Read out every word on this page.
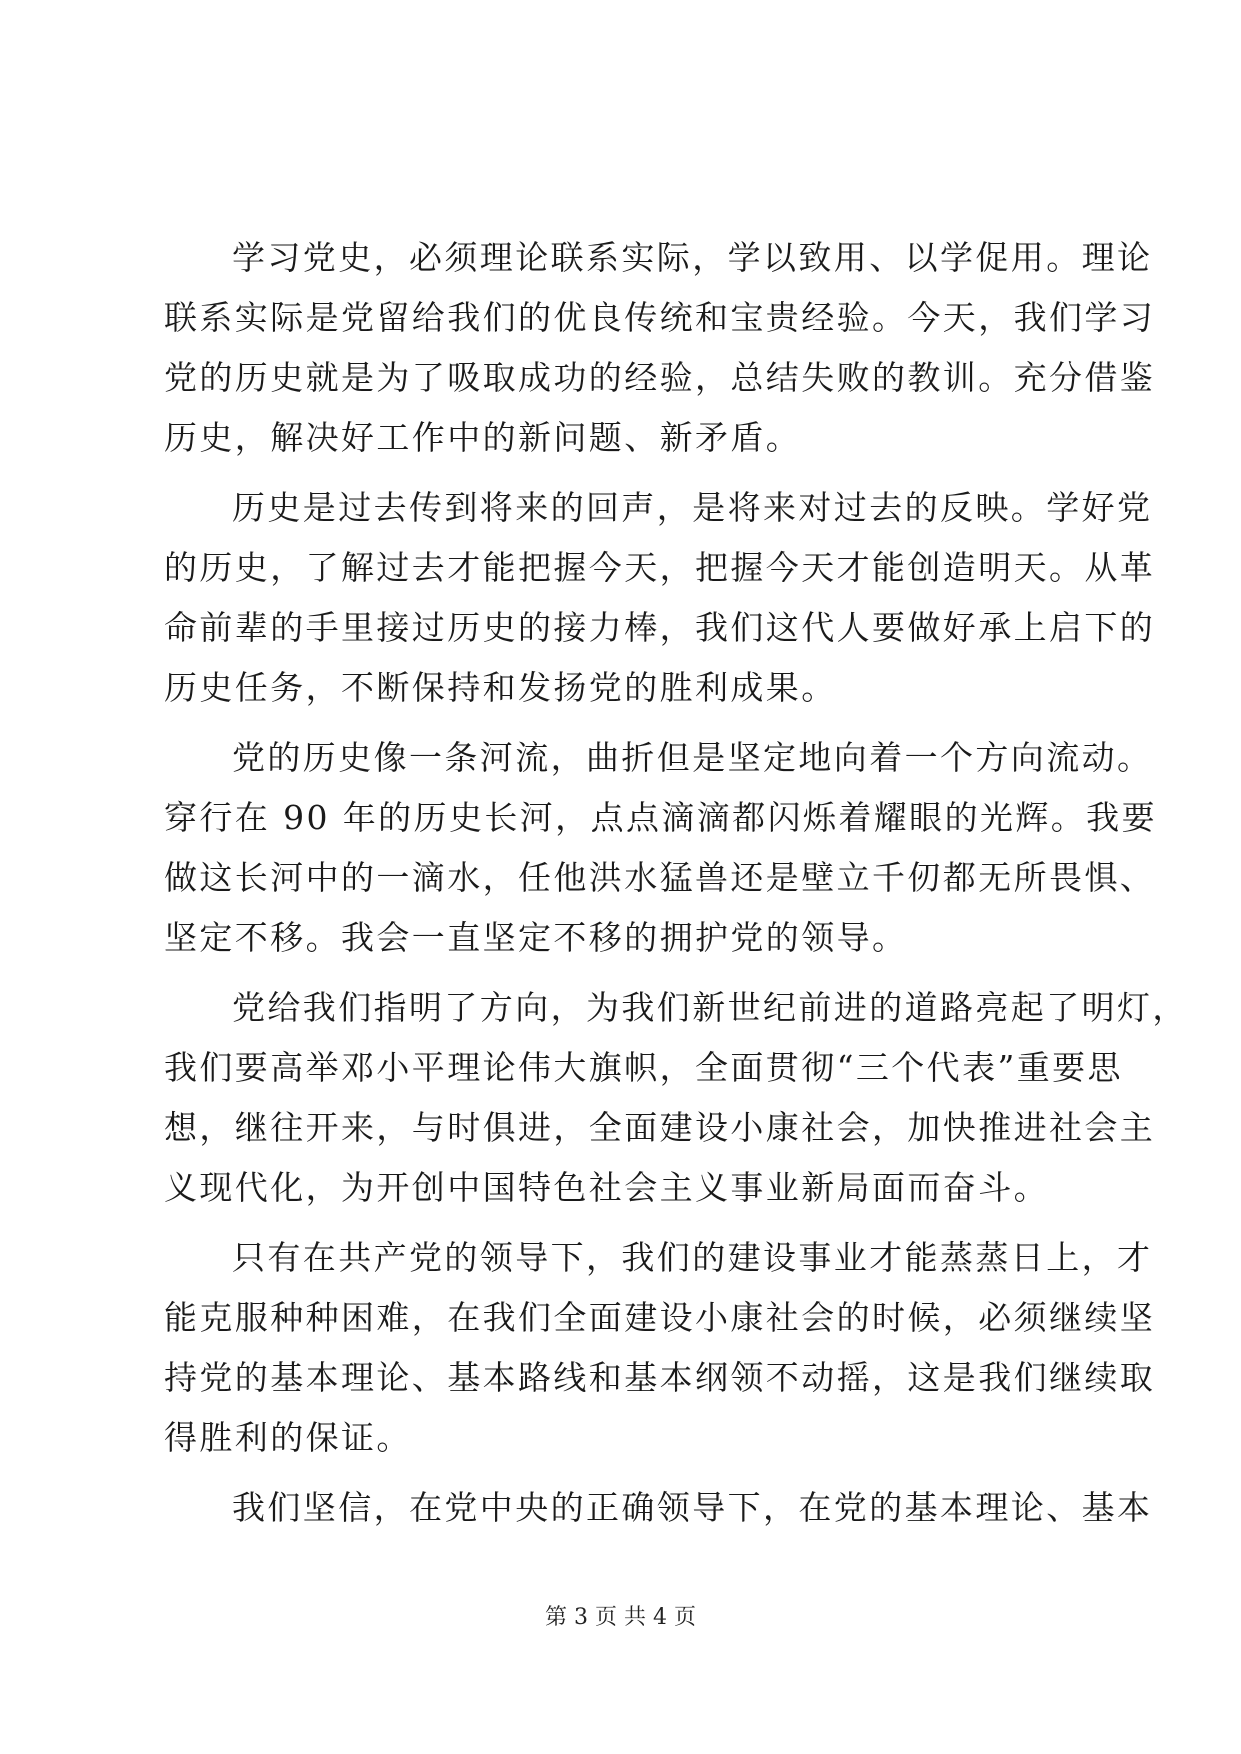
学习党史，必须理论联系实际，学以致用、以学促用。理论
联系实际是党留给我们的优良传统和宝贵经验。今天，我们学习
党的历史就是为了吸取成功的经验，总结失败的教训。充分借鉴
历史，解决好工作中的新问题、新矛盾。
历史是过去传到将来的回声，是将来对过去的反映。学好党
的历史，了解过去才能把握今天，把握今天才能创造明天。从革
命前辈的手里接过历史的接力棒，我们这代人要做好承上启下的
历史任务，不断保持和发扬党的胜利成果。
党的历史像一条河流，曲折但是坚定地向着一个方向流动。
穿行在 90 年的历史长河，点点滴滴都闪烁着耀眼的光辉。我要
做这长河中的一滴水，任他洪水猛兽还是壁立千仞都无所畏惧、
坚定不移。我会一直坚定不移的拥护党的领导。
党给我们指明了方向，为我们新世纪前进的道路亮起了明灯，
我们要高举邓小平理论伟大旗帜，全面贯彻“三个代表”重要思
想，继往开来，与时俱进，全面建设小康社会，加快推进社会主
义现代化，为开创中国特色社会主义事业新局面而奋斗。
只有在共产党的领导下，我们的建设事业才能蒸蒸日上，才
能克服种种困难，在我们全面建设小康社会的时候，必须继续坚
持党的基本理论、基本路线和基本纲领不动摇，这是我们继续取
得胜利的保证。
我们坚信，在党中央的正确领导下，在党的基本理论、基本
第 3 页 共 4 页
